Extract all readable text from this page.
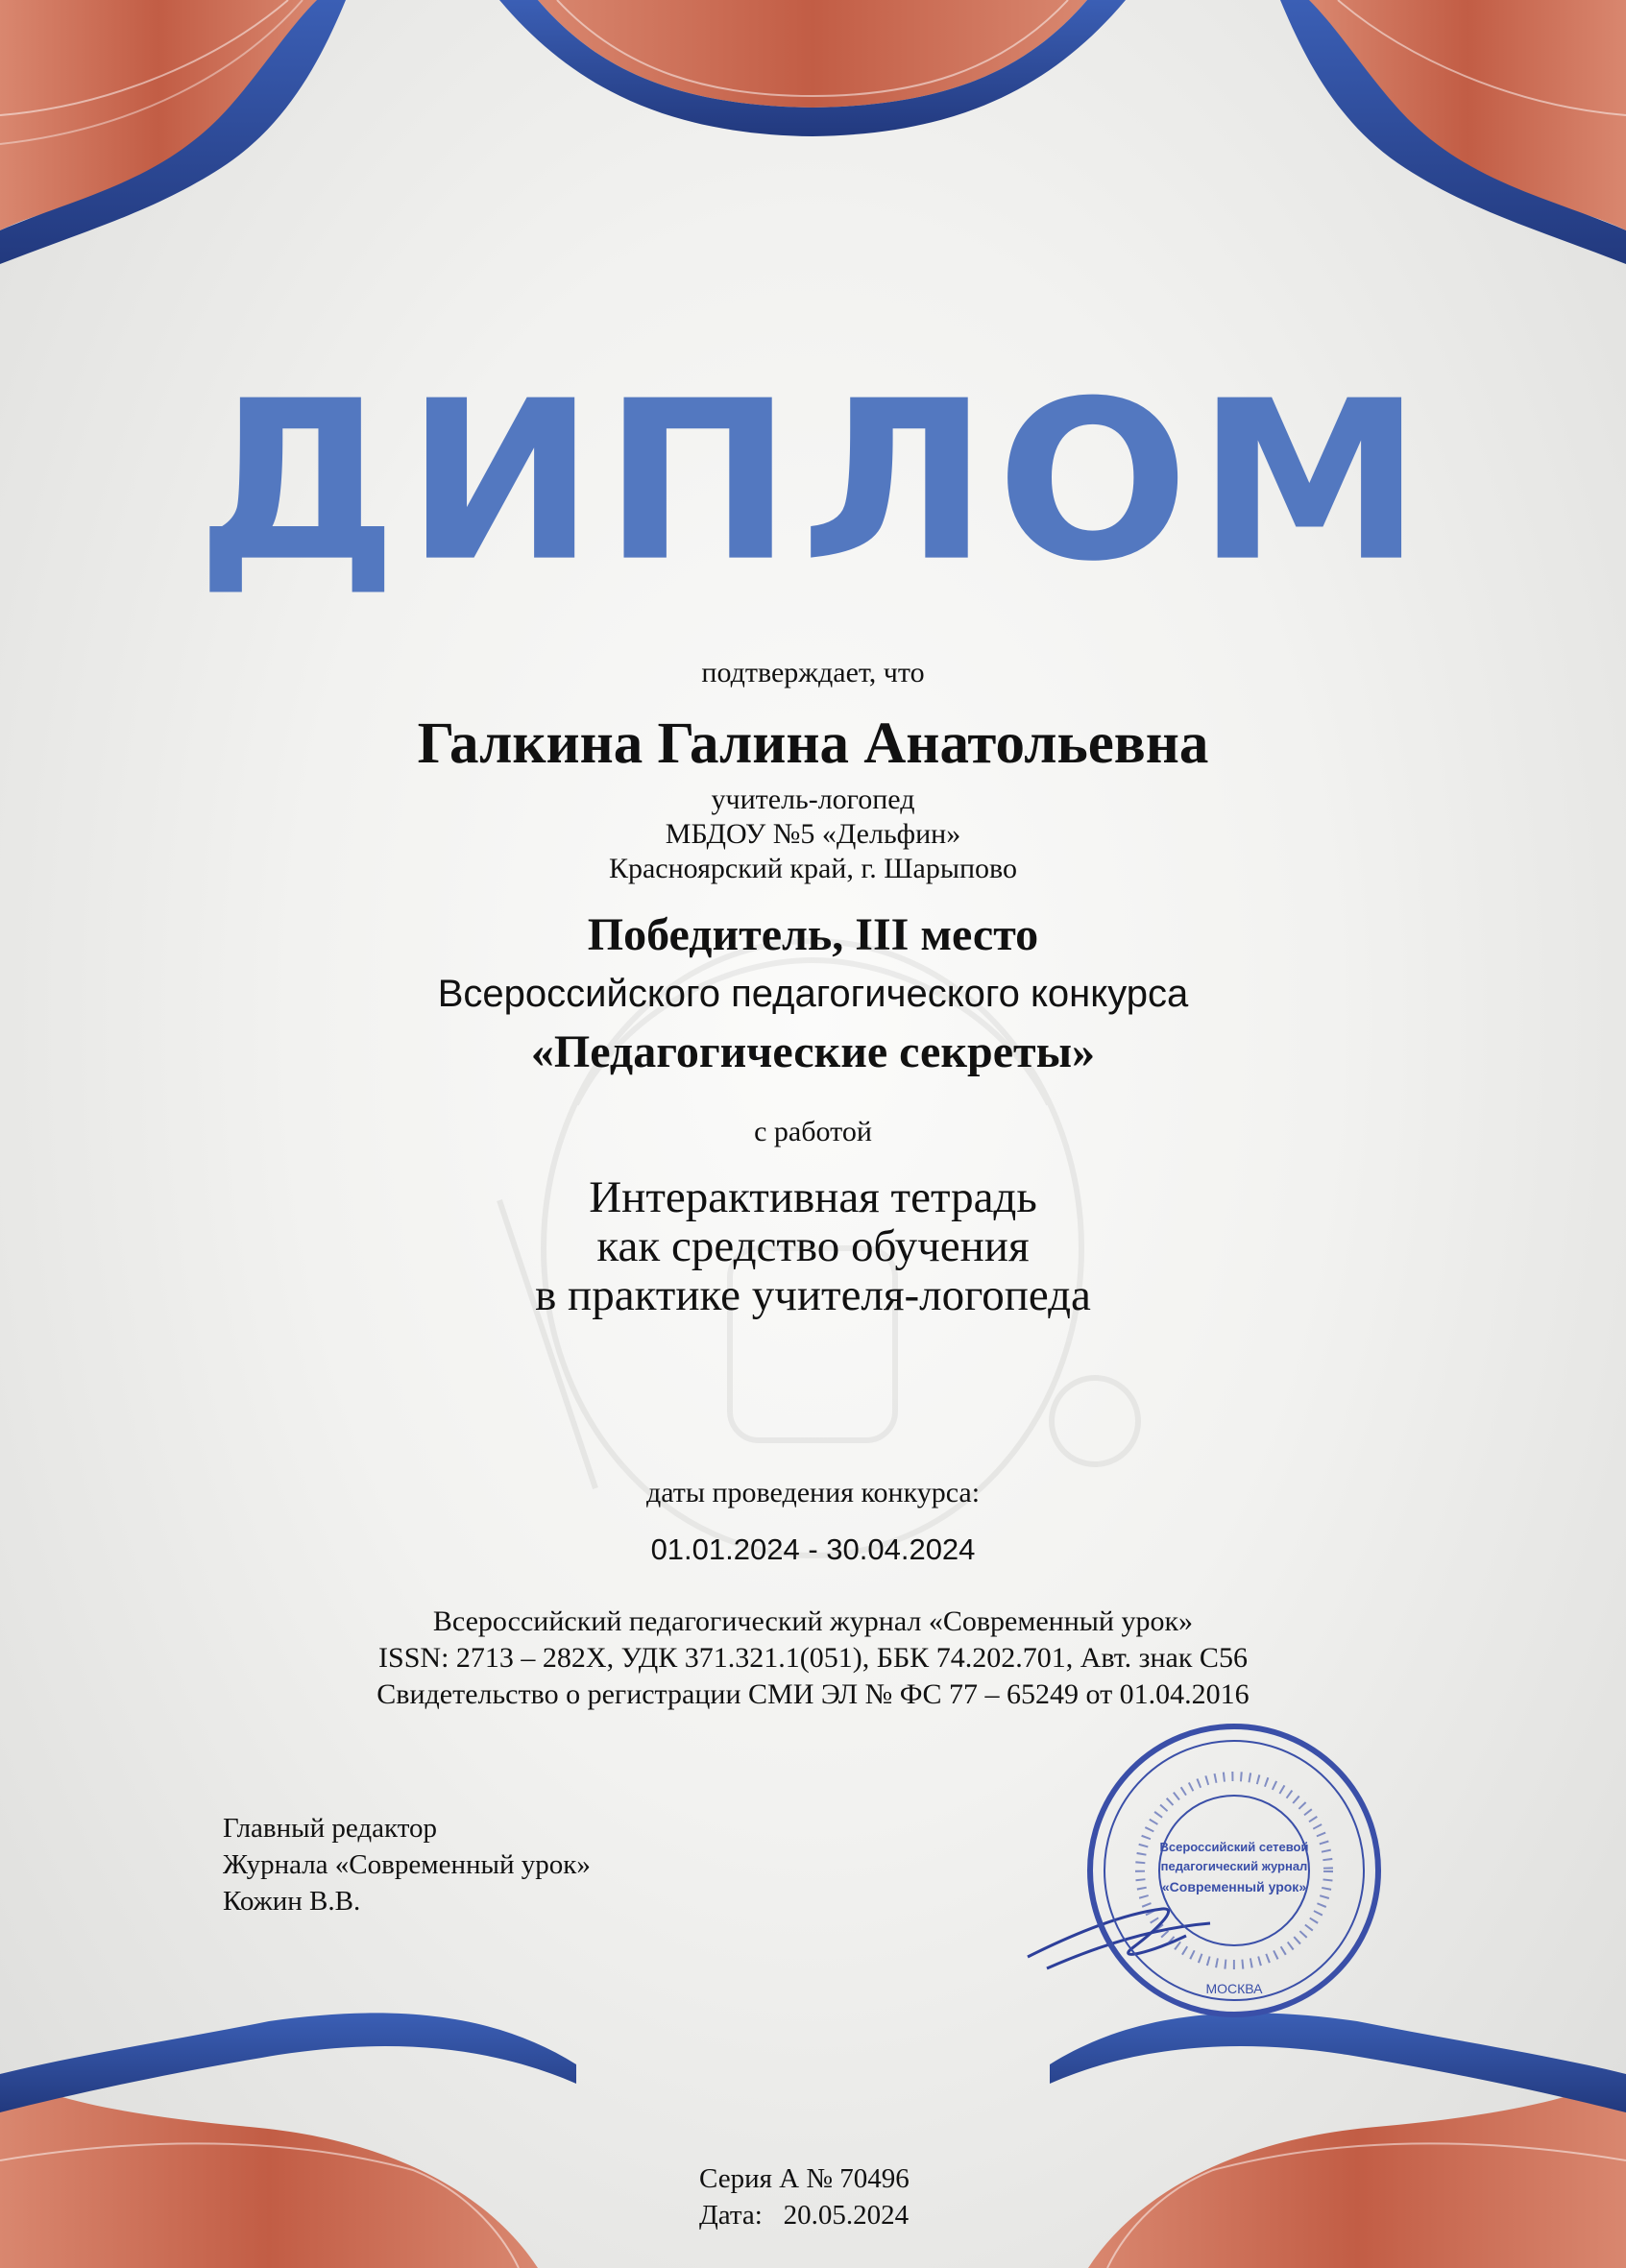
ДИПЛОМ

подтверждает, что

Галкина Галина Анатольевна

учитель-логопед

МБДОУ №5 «Дельфин»

Красноярский край, г. Шарыпово

Победитель, III место

Всероссийского педагогического конкурса

«Педагогические секреты»

с работой

Интерактивная тетрадь

как средство обучения

в практике учителя-логопеда

даты проведения конкурса:

01.01.2024 - 30.04.2024

Всероссийский педагогический журнал «Современный урок»

ISSN: 2713 – 282X, УДК 371.321.1(051), ББК 74.202.701, Авт. знак С56

Свидетельство о регистрации СМИ ЭЛ № ФС 77 – 65249 от 01.04.2016

Главный редактор
Журнала «Современный урок»
Кожин В.В.
Всероссийский сетевой
педагогический журнал
«Современный урок»
МОСКВА
Серия А № 70496
Дата:   20.05.2024
